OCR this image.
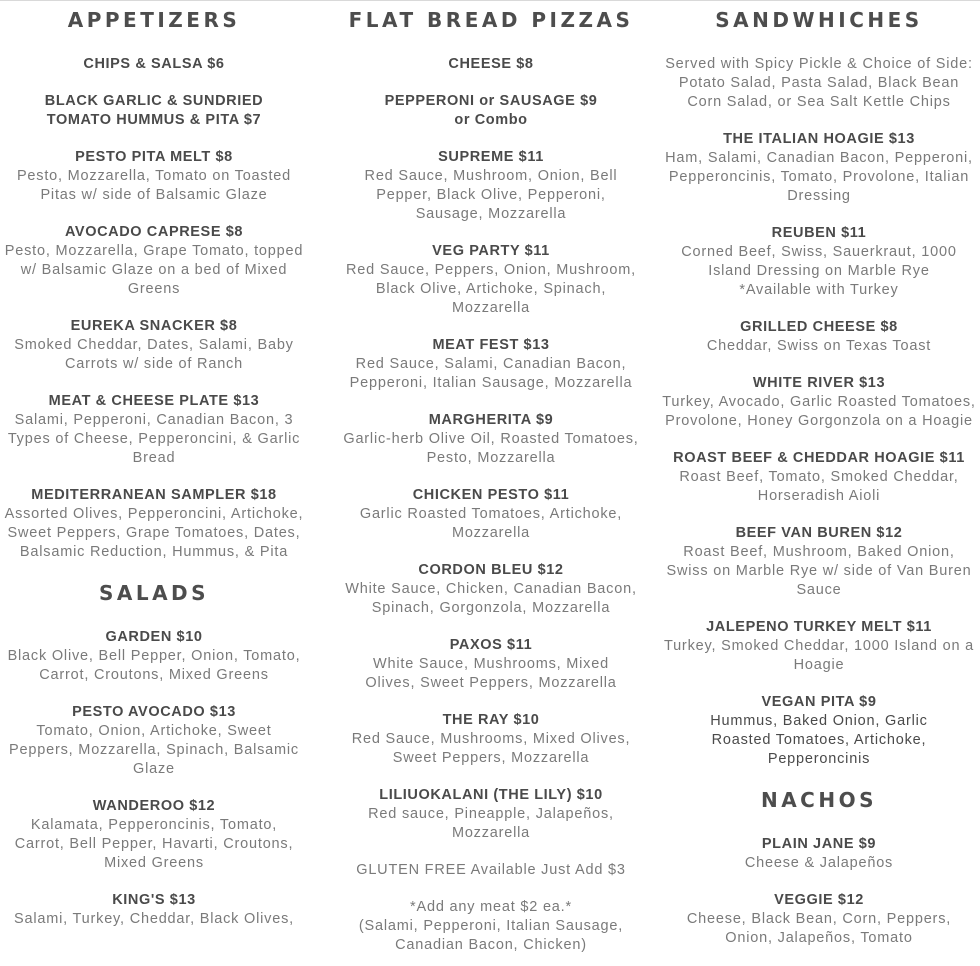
APPETIZERS
CHIPS & SALSA $6
BLACK GARLIC & SUNDRIED
TOMATO HUMMUS & PITA $7
PESTO PITA MELT $8
Pesto, Mozzarella, Tomato on Toasted Pitas w/ side of Balsamic Glaze
AVOCADO CAPRESE $8
Pesto, Mozzarella, Grape Tomato, topped w/ Balsamic Glaze on a bed of Mixed Greens
EUREKA SNACKER $8
Smoked Cheddar, Dates, Salami, Baby Carrots w/ side of Ranch
MEAT & CHEESE PLATE $13
Salami, Pepperoni, Canadian Bacon, 3 Types of Cheese, Pepperoncini, & Garlic Bread
MEDITERRANEAN SAMPLER $18
Assorted Olives, Pepperoncini, Artichoke, Sweet Peppers, Grape Tomatoes, Dates, Balsamic Reduction, Hummus, & Pita
SALADS
GARDEN $10
Black Olive, Bell Pepper, Onion, Tomato, Carrot, Croutons, Mixed Greens
PESTO AVOCADO $13
Tomato, Onion, Artichoke, Sweet Peppers, Mozzarella, Spinach, Balsamic Glaze
WANDEROO $12
Kalamata, Pepperoncinis, Tomato, Carrot, Bell Pepper, Havarti, Croutons, Mixed Greens
KING'S $13
Salami, Turkey, Cheddar, Black Olives,
FLAT BREAD PIZZAS
CHEESE $8
PEPPERONI or SAUSAGE $9
or Combo
SUPREME $11
Red Sauce, Mushroom, Onion, Bell Pepper, Black Olive, Pepperoni, Sausage, Mozzarella
VEG PARTY $11
Red Sauce, Peppers, Onion, Mushroom, Black Olive, Artichoke, Spinach, Mozzarella
MEAT FEST $13
Red Sauce, Salami, Canadian Bacon, Pepperoni, Italian Sausage, Mozzarella
MARGHERITA $9
Garlic-herb Olive Oil, Roasted Tomatoes, Pesto, Mozzarella
CHICKEN PESTO $11
Garlic Roasted Tomatoes, Artichoke, Mozzarella
CORDON BLEU $12
White Sauce, Chicken, Canadian Bacon, Spinach, Gorgonzola, Mozzarella
PAXOS $11
White Sauce, Mushrooms, Mixed Olives, Sweet Peppers, Mozzarella
THE RAY $10
Red Sauce, Mushrooms, Mixed Olives, Sweet Peppers, Mozzarella
LILIUOKALANI (THE LILY) $10
Red sauce, Pineapple, Jalapeños, Mozzarella
GLUTEN FREE Available Just Add $3
*Add any meat $2 ea.*
(Salami, Pepperoni, Italian Sausage, Canadian Bacon, Chicken)
SANDWHICHES
Served with Spicy Pickle & Choice of Side: Potato Salad, Pasta Salad, Black Bean Corn Salad, or Sea Salt Kettle Chips
THE ITALIAN HOAGIE $13
Ham, Salami, Canadian Bacon, Pepperoni, Pepperoncinis, Tomato, Provolone, Italian Dressing
REUBEN $11
Corned Beef, Swiss, Sauerkraut, 1000 Island Dressing on Marble Rye *Available with Turkey
GRILLED CHEESE $8
Cheddar, Swiss on Texas Toast
WHITE RIVER $13
Turkey, Avocado, Garlic Roasted Tomatoes, Provolone, Honey Gorgonzola on a Hoagie
ROAST BEEF & CHEDDAR HOAGIE $11
Roast Beef, Tomato, Smoked Cheddar, Horseradish Aioli
BEEF VAN BUREN $12
Roast Beef, Mushroom, Baked Onion, Swiss on Marble Rye w/ side of Van Buren Sauce
JALEPENO TURKEY MELT $11
Turkey, Smoked Cheddar, 1000 Island on a Hoagie
VEGAN PITA $9
Hummus, Baked Onion, Garlic Roasted Tomatoes, Artichoke, Pepperoncinis
NACHOS
PLAIN JANE $9
Cheese & Jalapeños
VEGGIE $12
Cheese, Black Bean, Corn, Peppers, Onion, Jalapeños, Tomato
